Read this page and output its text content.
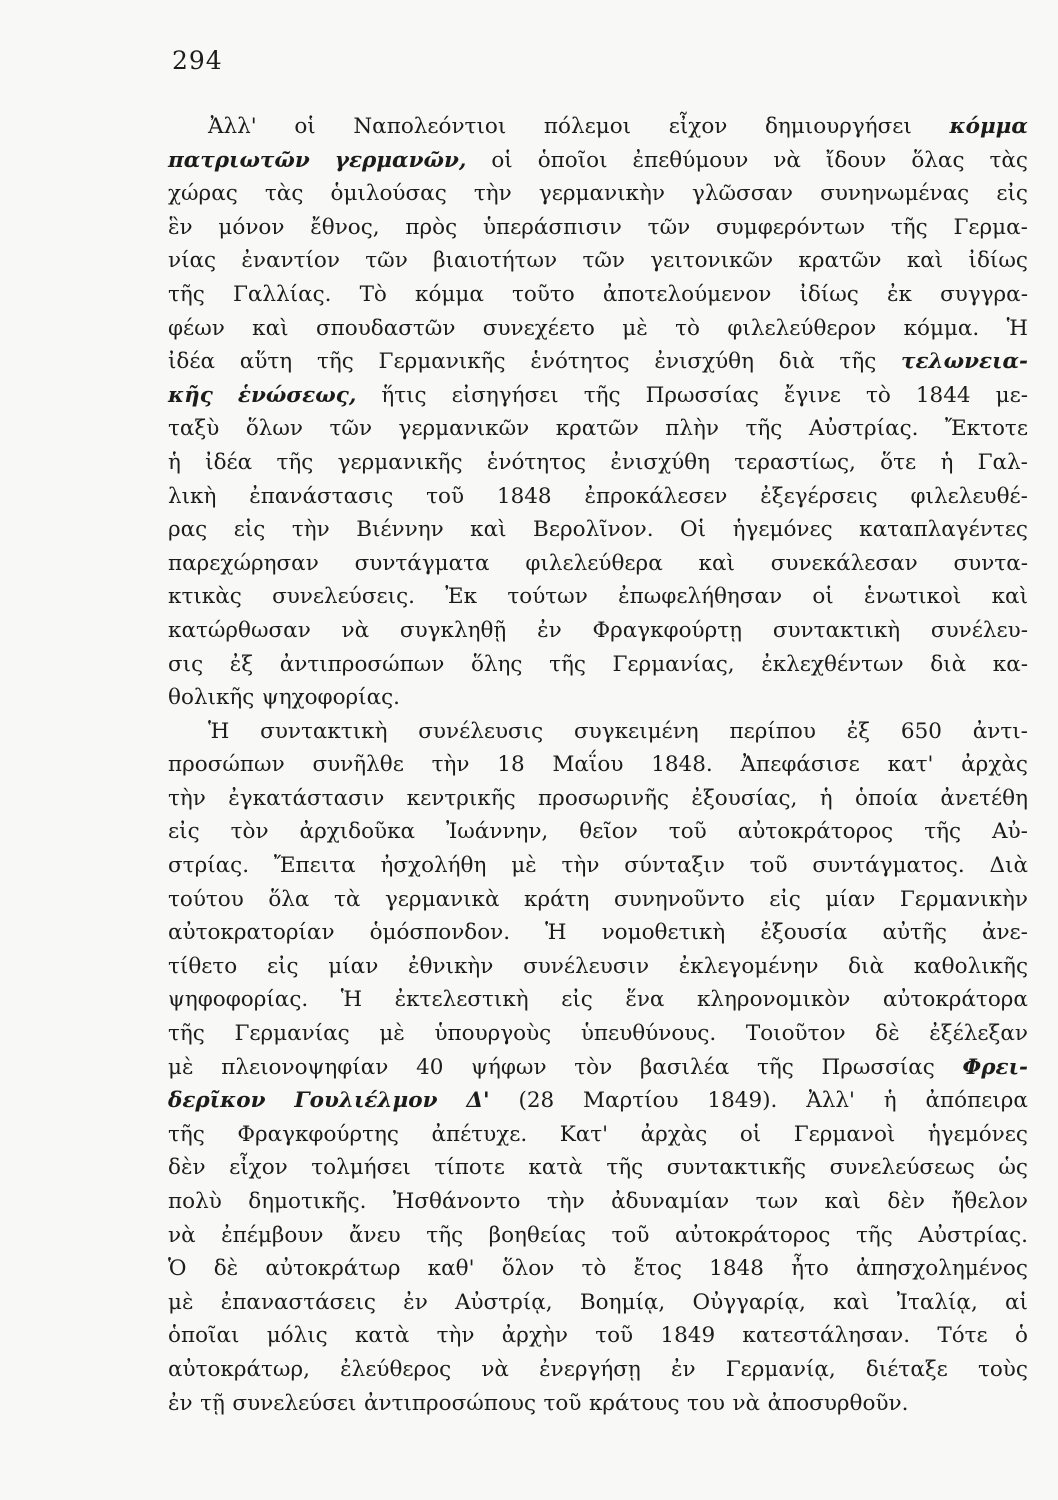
294
Ἀλλ' οἱ Ναπολεόντιοι πόλεμοι εἶχον δημιουργήσει κόμμα
πατριωτῶν γερμανῶν, οἱ ὁποῖοι ἐπεθύμουν νὰ ἴδουν ὅλας τὰς
χώρας τὰς ὁμιλούσας τὴν γερμανικὴν γλῶσσαν συνηνωμένας εἰς
ἓν μόνον ἔθνος, πρὸς ὑπεράσπισιν τῶν συμφερόντων τῆς Γερμα-
νίας ἐναντίον τῶν βιαιοτήτων τῶν γειτονικῶν κρατῶν καὶ ἰδίως
τῆς Γαλλίας. Τὸ κόμμα τοῦτο ἀποτελούμενον ἰδίως ἐκ συγγρα-
φέων καὶ σπουδαστῶν συνεχέετο μὲ τὸ φιλελεύθερον κόμμα. Ἡ
ἰδέα αὕτη τῆς Γερμανικῆς ἑνότητος ἐνισχύθη διὰ τῆς τελωνεια-
κῆς ἑνώσεως, ἥτις εἰσηγήσει τῆς Πρωσσίας ἔγινε τὸ 1844 με-
ταξὺ ὅλων τῶν γερμανικῶν κρατῶν πλὴν τῆς Αὐστρίας. Ἔκτοτε
ἡ ἰδέα τῆς γερμανικῆς ἑνότητος ἐνισχύθη τεραστίως, ὅτε ἡ Γαλ-
λικὴ ἐπανάστασις τοῦ 1848 ἐπροκάλεσεν ἐξεγέρσεις φιλελευθέ-
ρας εἰς τὴν Βιέννην καὶ Βερολῖνον. Οἱ ἡγεμόνες καταπλαγέντες
παρεχώρησαν συντάγματα φιλελεύθερα καὶ συνεκάλεσαν συντα-
κτικὰς συνελεύσεις. Ἐκ τούτων ἐπωφελήθησαν οἱ ἑνωτικοὶ καὶ
κατώρθωσαν νὰ συγκληθῇ ἐν Φραγκφούρτῃ συντακτικὴ συνέλευ-
σις ἐξ ἀντιπροσώπων ὅλης τῆς Γερμανίας, ἐκλεχθέντων διὰ κα-
θολικῆς ψηχοφορίας.
Ἡ συντακτικὴ συνέλευσις συγκειμένη περίπου ἐξ 650 ἀντι-
προσώπων συνῆλθε τὴν 18 Μαΐου 1848. Ἀπεφάσισε κατ' ἀρχὰς
τὴν ἐγκατάστασιν κεντρικῆς προσωρινῆς ἐξουσίας, ἡ ὁποία ἀνετέθη
εἰς τὸν ἀρχιδοῦκα Ἰωάννην, θεῖον τοῦ αὐτοκράτορος τῆς Αὐ-
στρίας. Ἔπειτα ἠσχολήθη μὲ τὴν σύνταξιν τοῦ συντάγματος. Διὰ
τούτου ὅλα τὰ γερμανικὰ κράτη συνηνοῦντο εἰς μίαν Γερμανικὴν
αὐτοκρατορίαν ὁμόσπονδον. Ἡ νομοθετικὴ ἐξουσία αὐτῆς ἀνε-
τίθετο εἰς μίαν ἐθνικὴν συνέλευσιν ἐκλεγομένην διὰ καθολικῆς
ψηφοφορίας. Ἡ ἐκτελεστικὴ εἰς ἕνα κληρονομικὸν αὐτοκράτορα
τῆς Γερμανίας μὲ ὑπουργοὺς ὑπευθύνους. Τοιοῦτον δὲ ἐξέλεξαν
μὲ πλειονοψηφίαν 40 ψήφων τὸν βασιλέα τῆς Πρωσσίας Φρει-
δερῖκον Γουλιέλμον Δ' (28 Μαρτίου 1849). Ἀλλ' ἡ ἀπόπειρα
τῆς Φραγκφούρτης ἀπέτυχε. Κατ' ἀρχὰς οἱ Γερμανοὶ ἡγεμόνες
δὲν εἶχον τολμήσει τίποτε κατὰ τῆς συντακτικῆς συνελεύσεως ὡς
πολὺ δημοτικῆς. Ἠσθάνοντο τὴν ἀδυναμίαν των καὶ δὲν ἤθελον
νὰ ἐπέμβουν ἄνευ τῆς βοηθείας τοῦ αὐτοκράτορος τῆς Αὐστρίας.
Ὁ δὲ αὐτοκράτωρ καθ' ὅλον τὸ ἔτος 1848 ἦτο ἀπησχολημένος
μὲ ἐπαναστάσεις ἐν Αὐστρίᾳ, Βοημίᾳ, Οὐγγαρίᾳ, καὶ Ἰταλίᾳ, αἱ
ὁποῖαι μόλις κατὰ τὴν ἀρχὴν τοῦ 1849 κατεστάλησαν. Τότε ὁ
αὐτοκράτωρ, ἐλεύθερος νὰ ἐνεργήσῃ ἐν Γερμανίᾳ, διέταξε τοὺς
ἐν τῇ συνελεύσει ἀντιπροσώπους τοῦ κράτους του νὰ ἀποσυρθοῦν.
